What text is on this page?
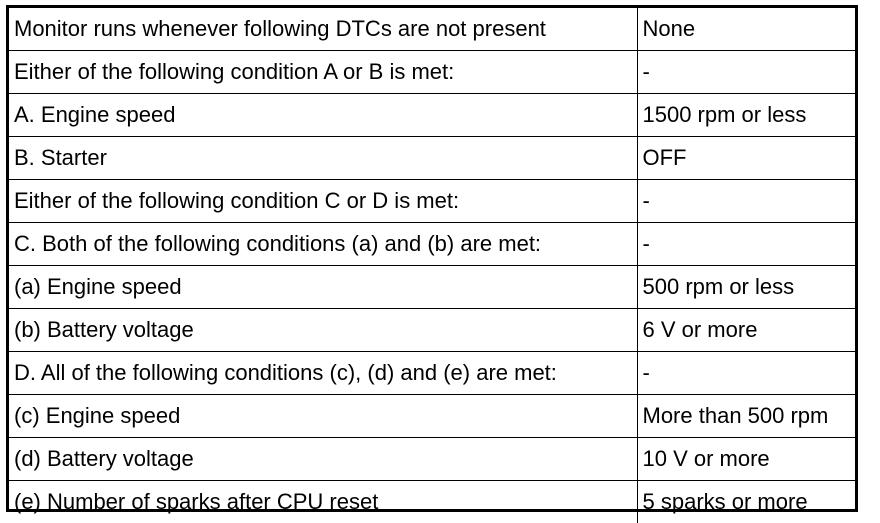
Monitor runs whenever following DTCs are not present	None
Either of the following condition A or B is met:	-
A. Engine speed	1500 rpm or less
B. Starter	OFF
Either of the following condition C or D is met:	-
C. Both of the following conditions (a) and (b) are met:	-
(a) Engine speed	500 rpm or less
(b) Battery voltage	6 V or more
D. All of the following conditions (c), (d) and (e) are met:	-
(c) Engine speed	More than 500 rpm
(d) Battery voltage	10 V or more
(e) Number of sparks after CPU reset	5 sparks or more
